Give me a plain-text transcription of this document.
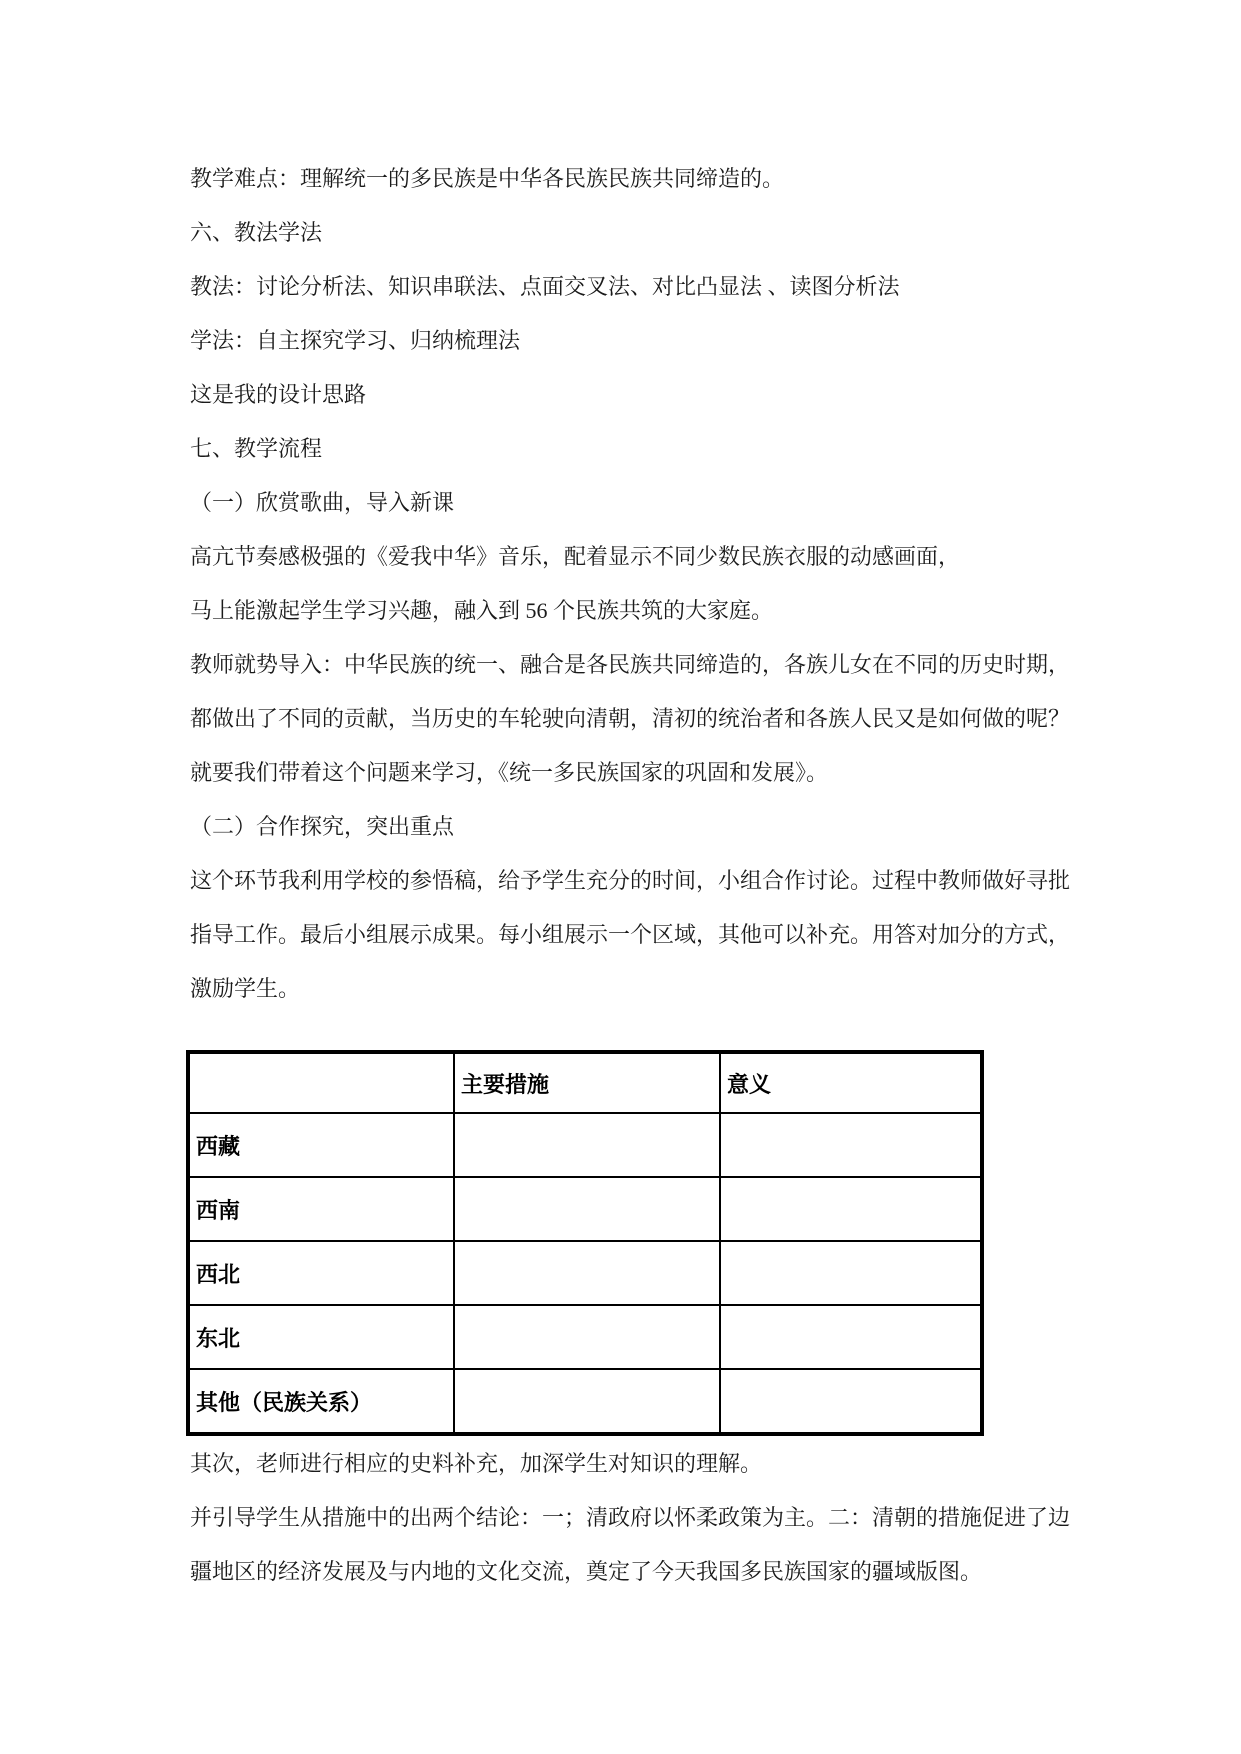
教学难点：理解统一的多民族是中华各民族民族共同缔造的。

六、教法学法

教法：讨论分析法、知识串联法、点面交叉法、对比凸显法 、读图分析法

学法：自主探究学习、归纳梳理法

这是我的设计思路

七、教学流程

（一）欣赏歌曲，导入新课

高亢节奏感极强的《爱我中华》音乐，配着显示不同少数民族衣服的动感画面，

马上能激起学生学习兴趣，融入到 56 个民族共筑的大家庭。

教师就势导入：中华民族的统一、融合是各民族共同缔造的，各族儿女在不同的历史时期，

都做出了不同的贡献，当历史的车轮驶向清朝，清初的统治者和各族人民又是如何做的呢？

就要我们带着这个问题来学习，《统一多民族国家的巩固和发展》。

（二）合作探究，突出重点

这个环节我利用学校的参悟稿，给予学生充分的时间，小组合作讨论。过程中教师做好寻批

指导工作。最后小组展示成果。每小组展示一个区域，其他可以补充。用答对加分的方式，

激励学生。

	主要措施	意义
西藏		
西南		
西北		
东北		
其他（民族关系）		

其次，老师进行相应的史料补充，加深学生对知识的理解。

并引导学生从措施中的出两个结论：一；清政府以怀柔政策为主。二：清朝的措施促进了边

疆地区的经济发展及与内地的文化交流，奠定了今天我国多民族国家的疆域版图。
